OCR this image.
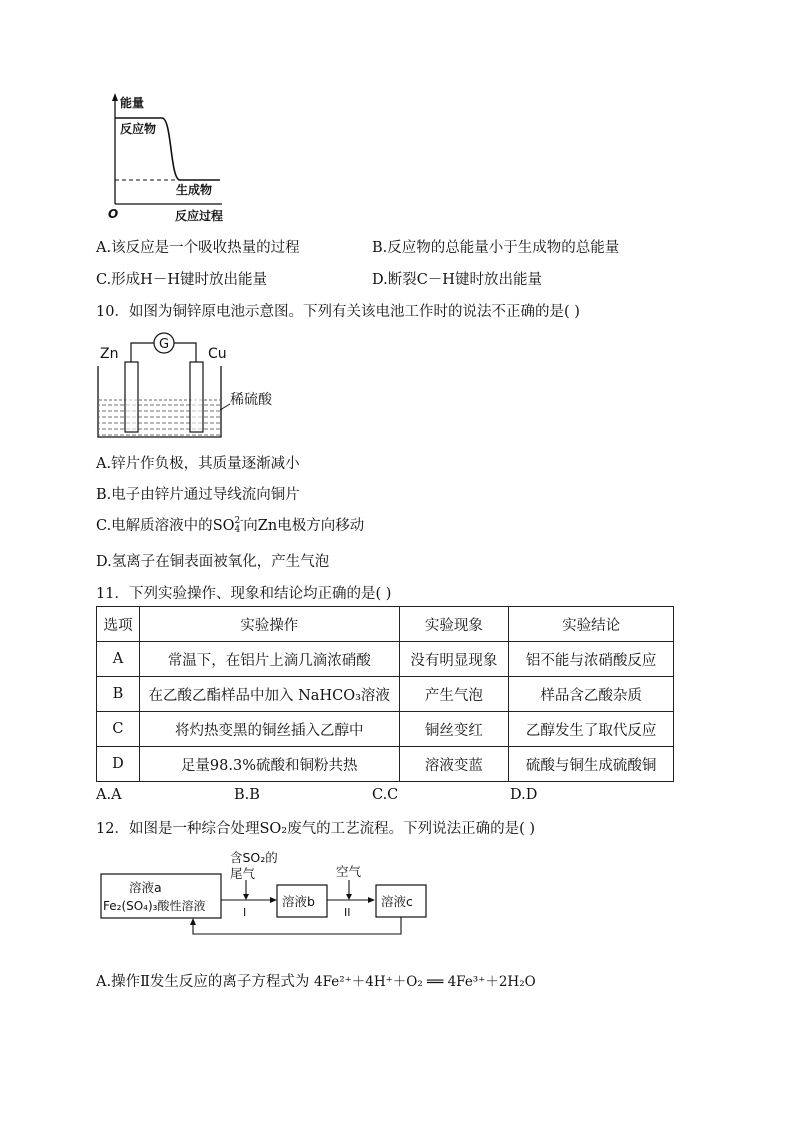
能量
反应物
生成物
O	反应过程
A.该反应是一个吸收热量的过程	B.反应物的总能量小于生成物的总能量
C.形成H－H键时放出能量	D.断裂C－H键时放出能量
10．如图为铜锌原电池示意图。下列有关该电池工作时的说法不正确的是( )
G
Zn	Cu
稀硫酸
A.锌片作负极，其质量逐渐减小
B.电子由锌片通过导线流向铜片
C.电解质溶液中的SO 2-
4 向Zn电极方向移动
D.氢离子在铜表面被氧化，产生气泡
11．下列实验操作、现象和结论均正确的是( )
选项	实验操作	实验现象	实验结论
A	常温下，在铝片上滴几滴浓硝酸	没有明显现象	铝不能与浓硝酸反应
B	在乙酸乙酯样品中加入 NaHCO₃溶液	产生气泡	样品含乙酸杂质
C	将灼热变黑的铜丝插入乙醇中	铜丝变红	乙醇发生了取代反应
D	足量98.3%硫酸和铜粉共热	溶液变蓝	硫酸与铜生成硫酸铜
A.A	B.B	C.C	D.D
12．如图是一种综合处理SO₂废气的工艺流程。下列说法正确的是( )
溶液a
Fe₂(SO₄)₃酸性溶液
含SO₂的
尾气
I
溶液b
空气
II
溶液c
A.操作Ⅱ发生反应的离子方程式为 4Fe²⁺＋4H⁺＋O₂ ══ 4Fe³⁺＋2H₂O
